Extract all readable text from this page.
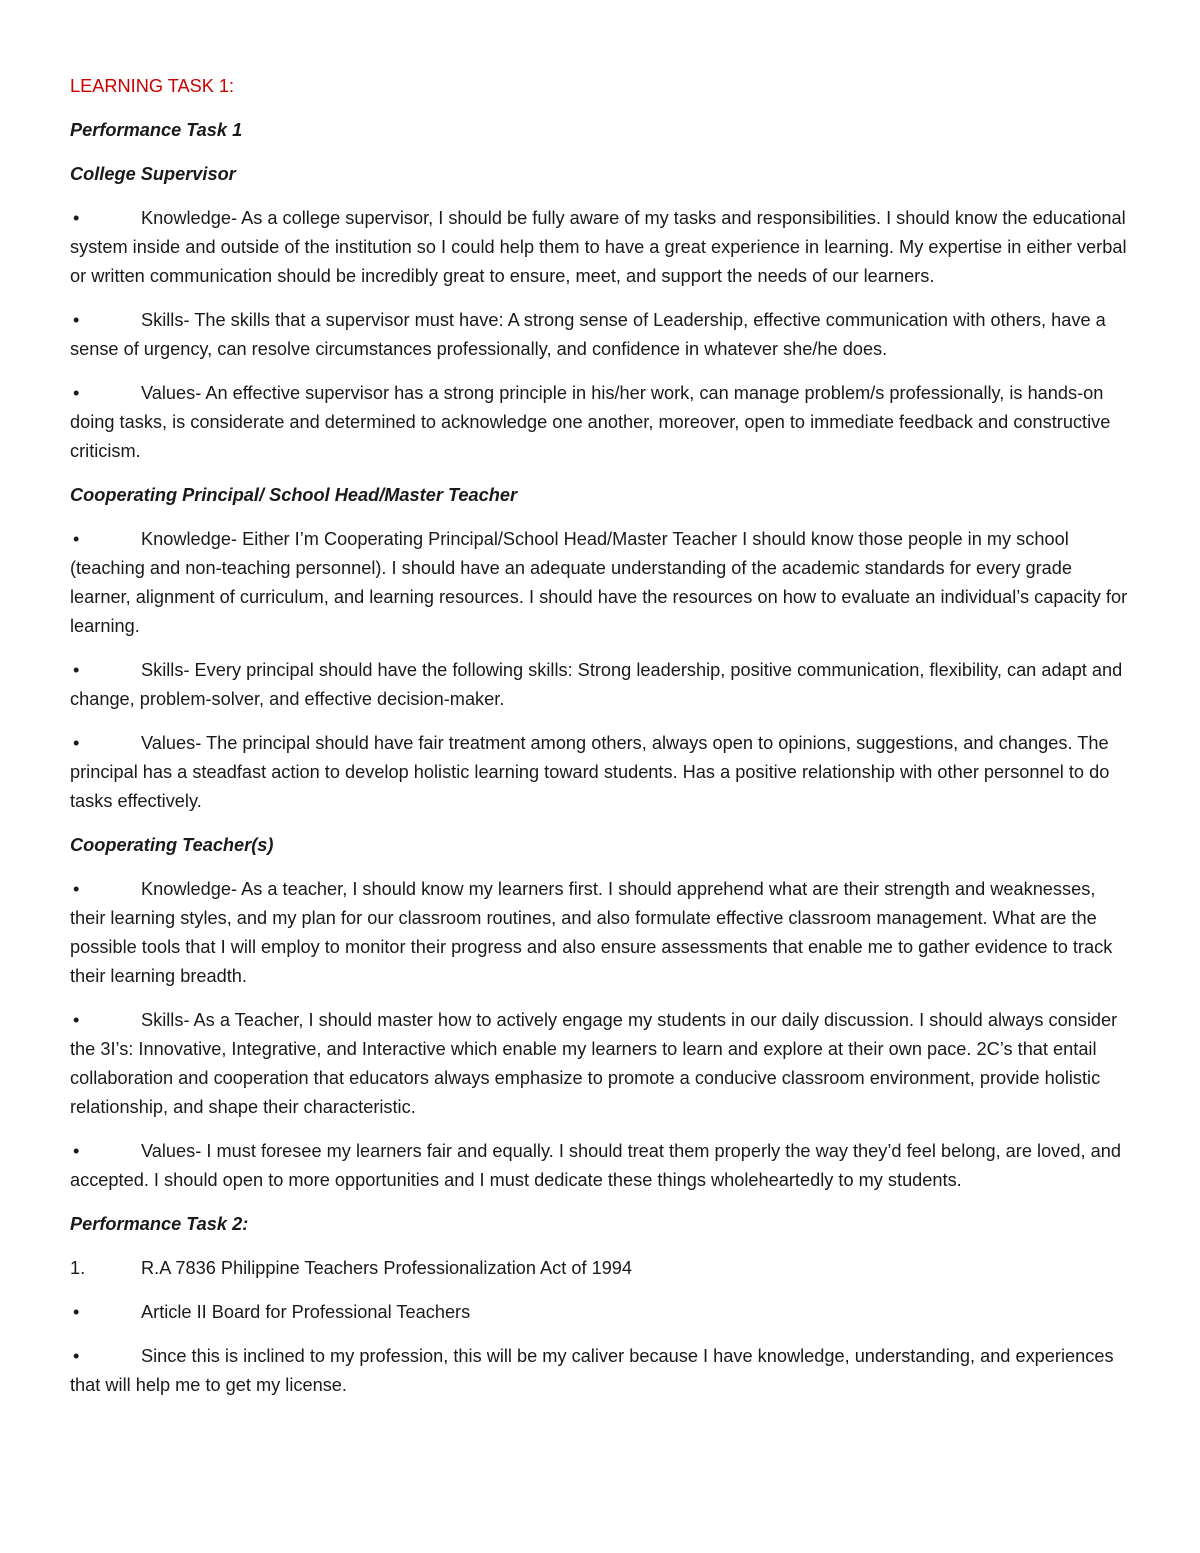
LEARNING TASK 1:
Performance Task 1
College Supervisor
•	Knowledge- As a college supervisor, I should be fully aware of my tasks and responsibilities. I should know the educational system inside and outside of the institution so I could help them to have a great experience in learning. My expertise in either verbal or written communication should be incredibly great to ensure, meet, and support the needs of our learners.
•	Skills- The skills that a supervisor must have: A strong sense of Leadership, effective communication with others, have a sense of urgency, can resolve circumstances professionally, and confidence in whatever she/he does.
•	Values- An effective supervisor has a strong principle in his/her work, can manage problem/s professionally, is hands-on doing tasks, is considerate and determined to acknowledge one another, moreover, open to immediate feedback and constructive criticism.
Cooperating Principal/ School Head/Master Teacher
•	Knowledge- Either I’m Cooperating Principal/School Head/Master Teacher I should know those people in my school (teaching and non-teaching personnel). I should have an adequate understanding of the academic standards for every grade learner, alignment of curriculum, and learning resources. I should have the resources on how to evaluate an individual’s capacity for learning.
•	Skills- Every principal should have the following skills: Strong leadership, positive communication, flexibility, can adapt and change, problem-solver, and effective decision-maker.
•	Values- The principal should have fair treatment among others, always open to opinions, suggestions, and changes. The principal has a steadfast action to develop holistic learning toward students. Has a positive relationship with other personnel to do tasks effectively.
Cooperating Teacher(s)
•	Knowledge- As a teacher, I should know my learners first. I should apprehend what are their strength and weaknesses, their learning styles, and my plan for our classroom routines, and also formulate effective classroom management. What are the possible tools that I will employ to monitor their progress and also ensure assessments that enable me to gather evidence to track their learning breadth.
•	Skills- As a Teacher, I should master how to actively engage my students in our daily discussion. I should always consider the 3I’s: Innovative, Integrative, and Interactive which enable my learners to learn and explore at their own pace. 2C’s that entail collaboration and cooperation that educators always emphasize to promote a conducive classroom environment, provide holistic relationship, and shape their characteristic.
•	Values- I must foresee my learners fair and equally. I should treat them properly the way they’d feel belong, are loved, and accepted. I should open to more opportunities and I must dedicate these things wholeheartedly to my students.
Performance Task 2:
1.	R.A 7836 Philippine Teachers Professionalization Act of 1994
•	Article II Board for Professional Teachers
•	Since this is inclined to my profession, this will be my caliver because I have knowledge, understanding, and experiences that will help me to get my license.
